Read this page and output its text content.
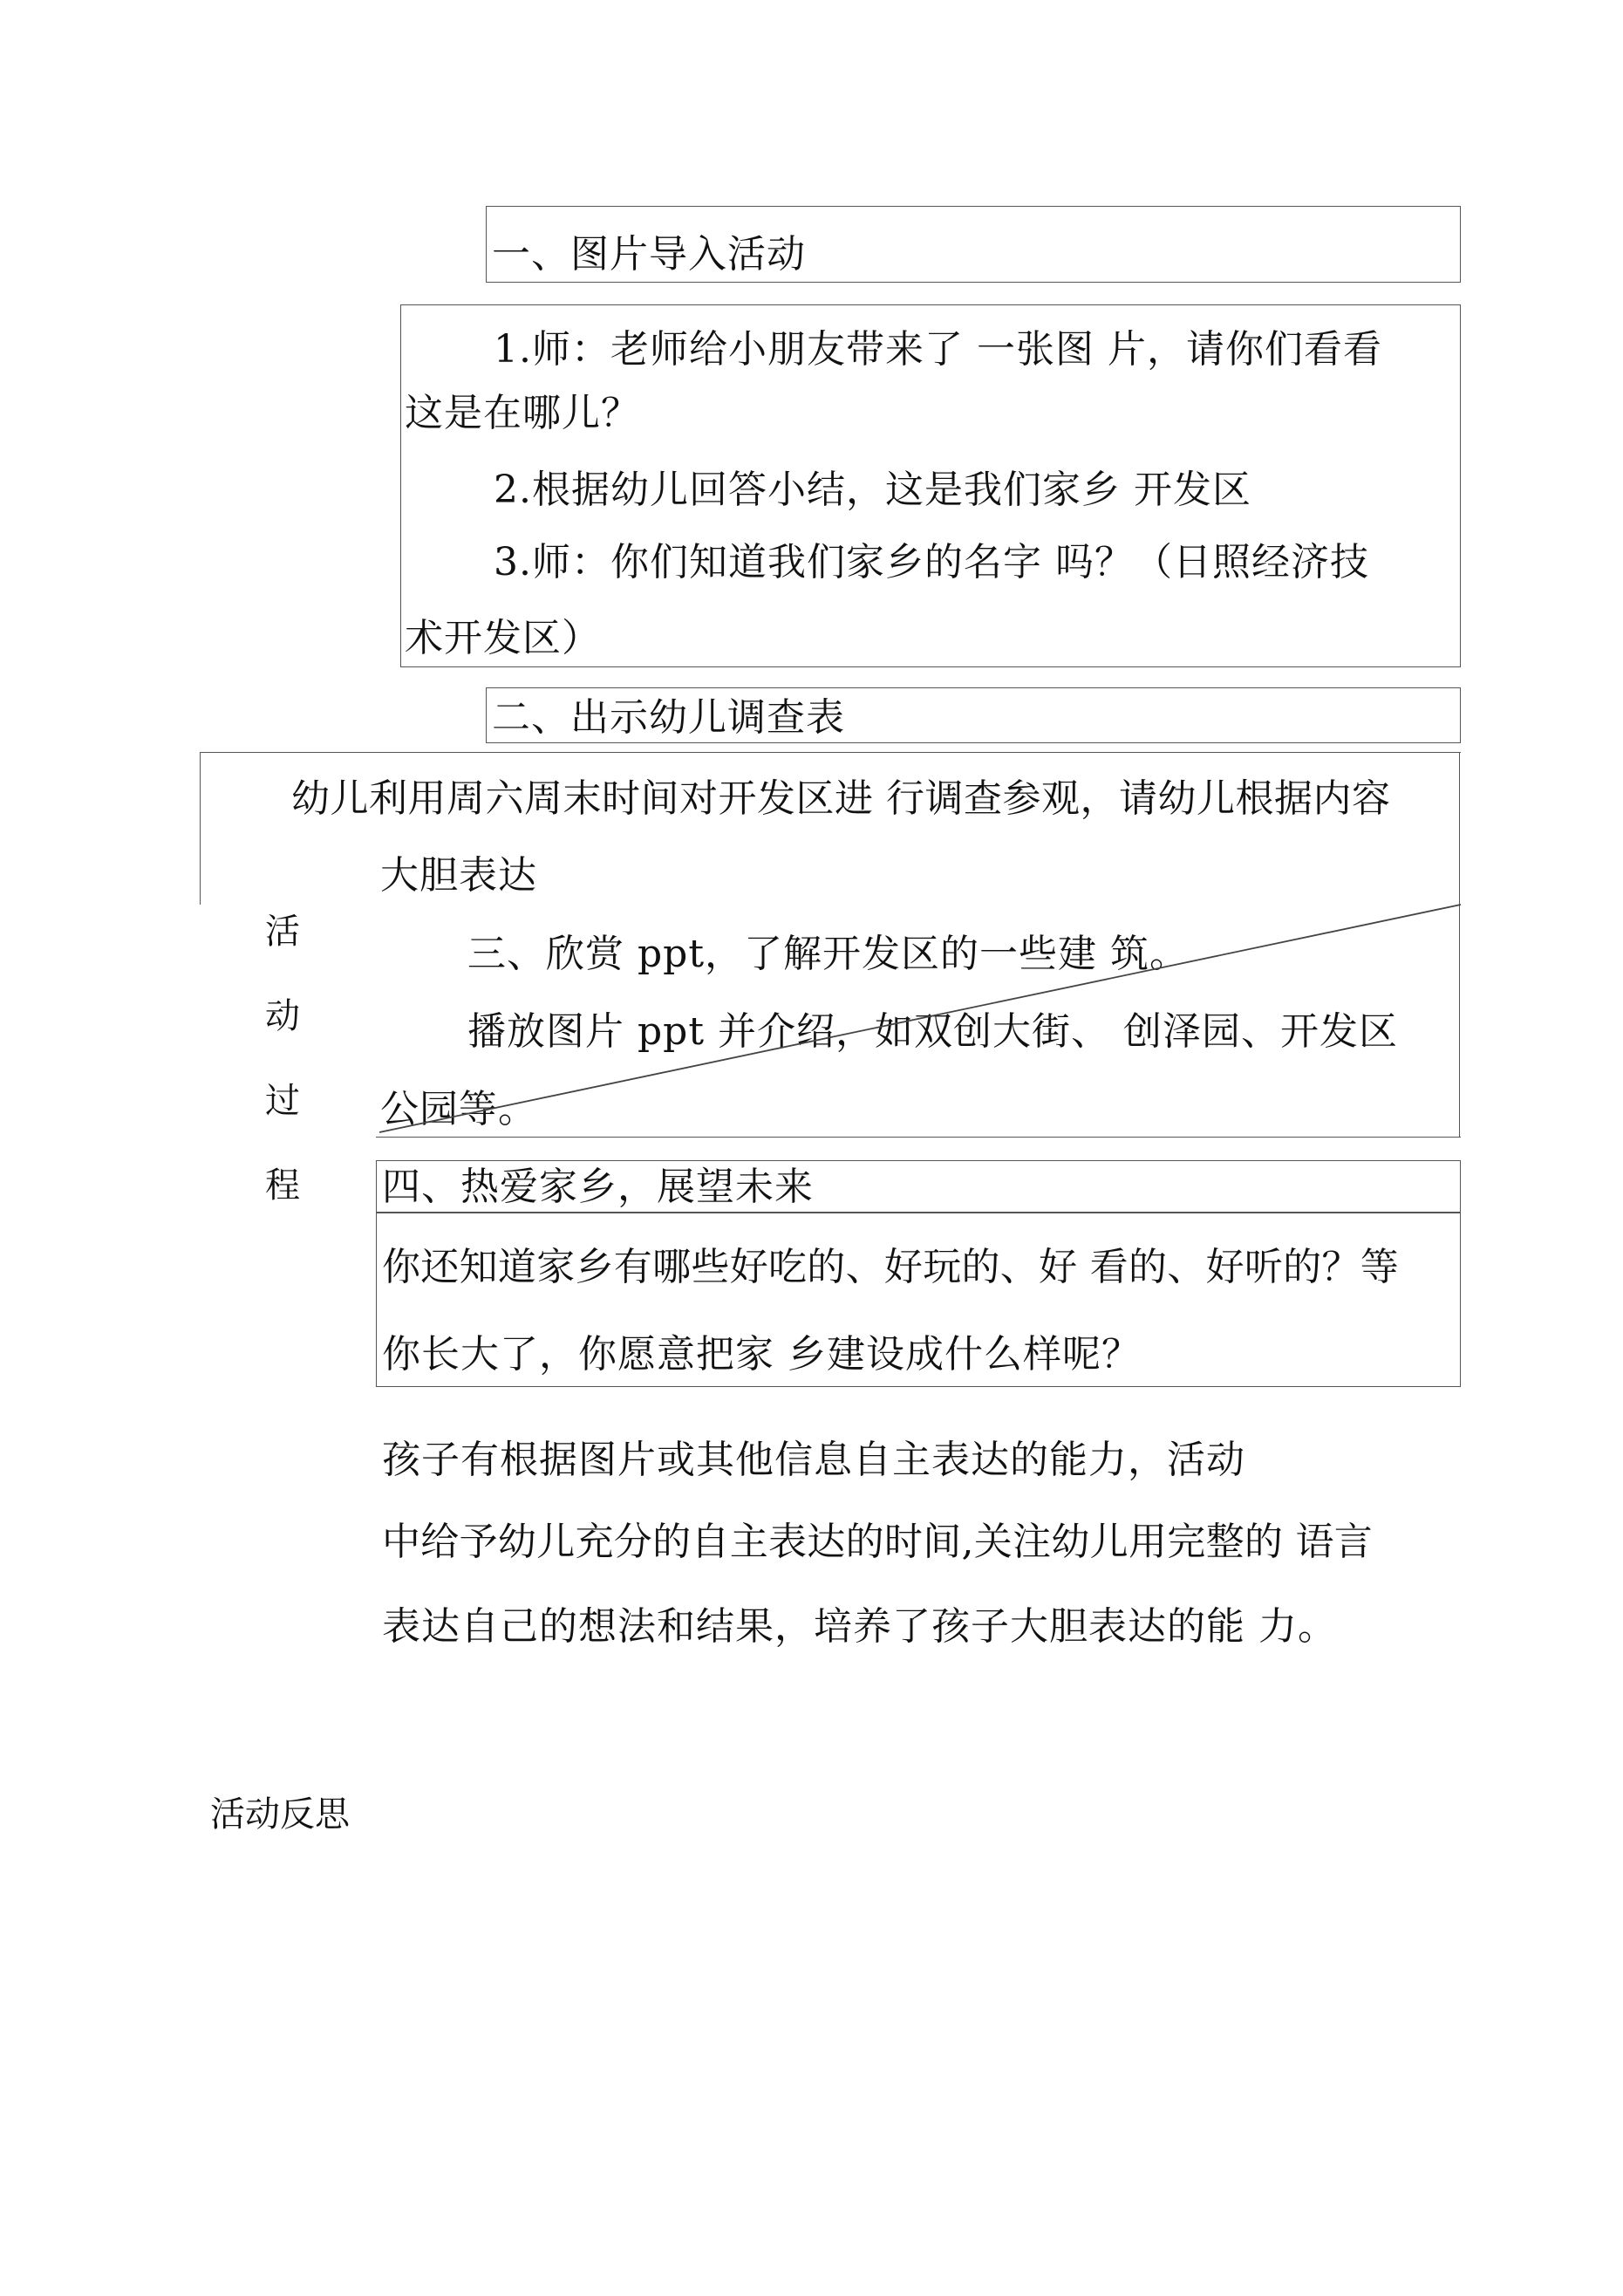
一、图片导入活动
1.师：老师给小朋友带来了 一张图 片，请你们看看
这是在哪儿？
2.根据幼儿回答小结，这是我们家乡 开发区
3.师：你们知道我们家乡的名字 吗？（日照经济技
术开发区）
二、出示幼儿调查表
幼儿利用周六周末时间对开发区进 行调查参观，请幼儿根据内容
大胆表达
三、欣赏 ppt，了解开发区的一些建 筑。
播放图片 ppt 并介绍，如双创大街、 创泽园、开发区
公园等。
活
动
过
程 四、热爱家乡，展望未来
你还知道家乡有哪些好吃的、好玩的、好 看的、好听的？等
你长大了，你愿意把家 乡建设成什么样呢？
孩子有根据图片或其他信息自主表达的能力，活动
中给予幼儿充分的自主表达的时间,关注幼儿用完整的 语言
表达自己的想法和结果，培养了孩子大胆表达的能 力。
活动反思
